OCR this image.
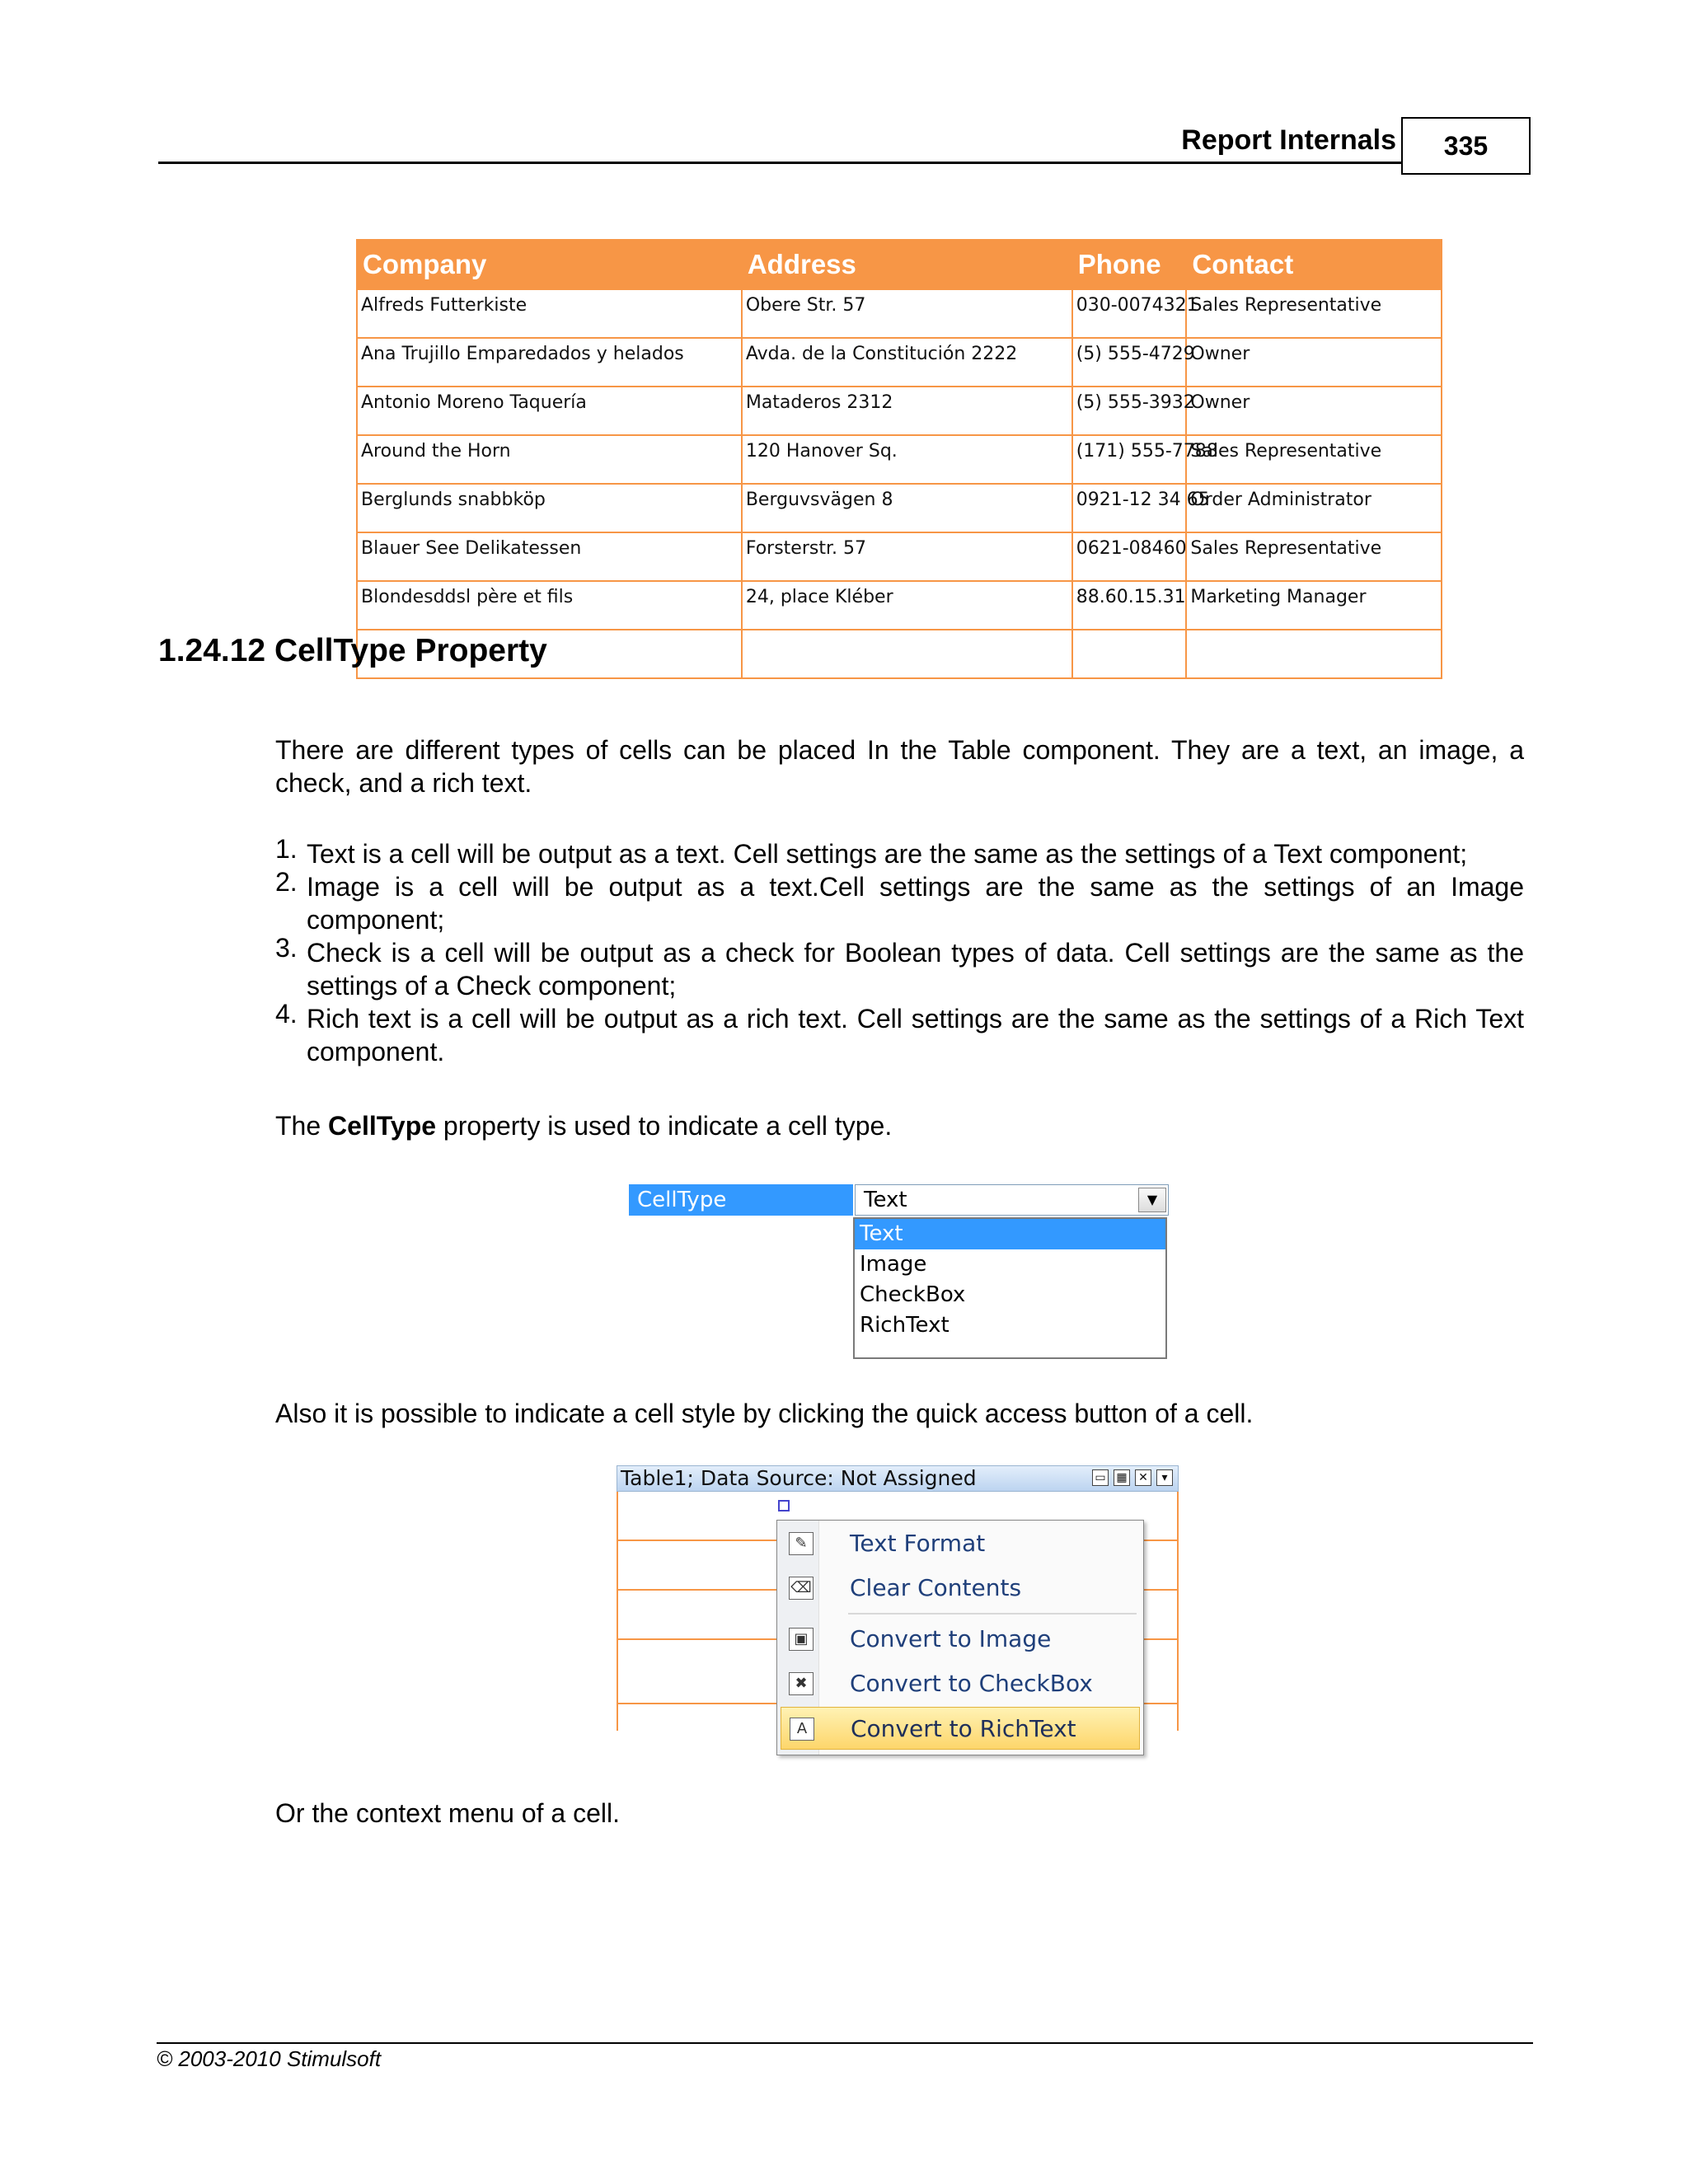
Report Internals	335
Company	Address	Phone	Contact
Alfreds Futterkiste	Obere Str. 57	030-0074321	Sales Representative
Ana Trujillo Emparedados y helados	Avda. de la Constitución 2222	(5) 555-4729	Owner
Antonio Moreno Taquería	Mataderos 2312	(5) 555-3932	Owner
Around the Horn	120 Hanover Sq.	(171) 555-7788	Sales Representative
Berglunds snabbköp	Berguvsvägen 8	0921-12 34 65	Order Administrator
Blauer See Delikatessen	Forsterstr. 57	0621-08460	Sales Representative
Blondesddsl père et fils	24, place Kléber	88.60.15.31	Marketing Manager

1.24.12 CellType Property
There are different types of cells can be placed In the Table component. They are a text, an image, a check, and a rich text.
1. Text is a cell will be output as a text. Cell settings are the same as the settings of a Text component;
2. Image is a cell will be output as a text.Cell settings are the same as the settings of an Image component;
3. Check is a cell will be output as a check for Boolean types of data. Cell settings are the same as the settings of a Check component;
4. Rich text is a cell will be output as a rich text. Cell settings are the same as the settings of a Rich Text component.
The CellType property is used to indicate a cell type.
CellType	Text	▼
Text
Image
CheckBox
RichText
Also it is possible to indicate a cell style by clicking the quick access button of a cell.
Table1; Data Source: Not Assigned	▭ ▦ ✕	▾
✎ Text Format
⌫ Clear Contents
▣ Convert to Image
✖ Convert to CheckBox
A	Convert to RichText
Or the context menu of a cell.
© 2003-2010 Stimulsoft
